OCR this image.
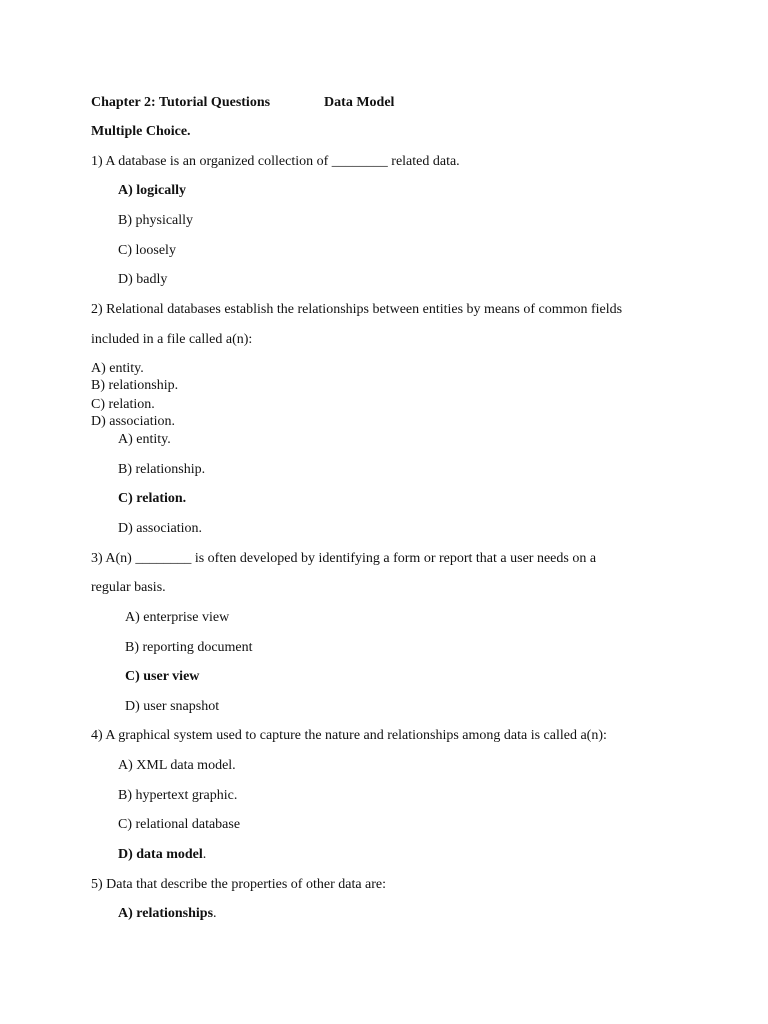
Chapter 2: Tutorial Questions	Data Model
Multiple Choice.
1) A database is an organized collection of ________ related data.
A) logically
B) physically
C) loosely
D) badly
2) Relational databases establish the relationships between entities by means of common fields
included in a file called a(n):
A) entity.
B) relationship.
C) relation.
D) association.
A) entity.
B) relationship.
C) relation.
D) association.
3) A(n) ________ is often developed by identifying a form or report that a user needs on a
regular basis.
A) enterprise view
B) reporting document
C) user view
D) user snapshot
4) A graphical system used to capture the nature and relationships among data is called a(n):
A) XML data model.
B) hypertext graphic.
C) relational database
D) data model.
5) Data that describe the properties of other data are:
A) relationships.
